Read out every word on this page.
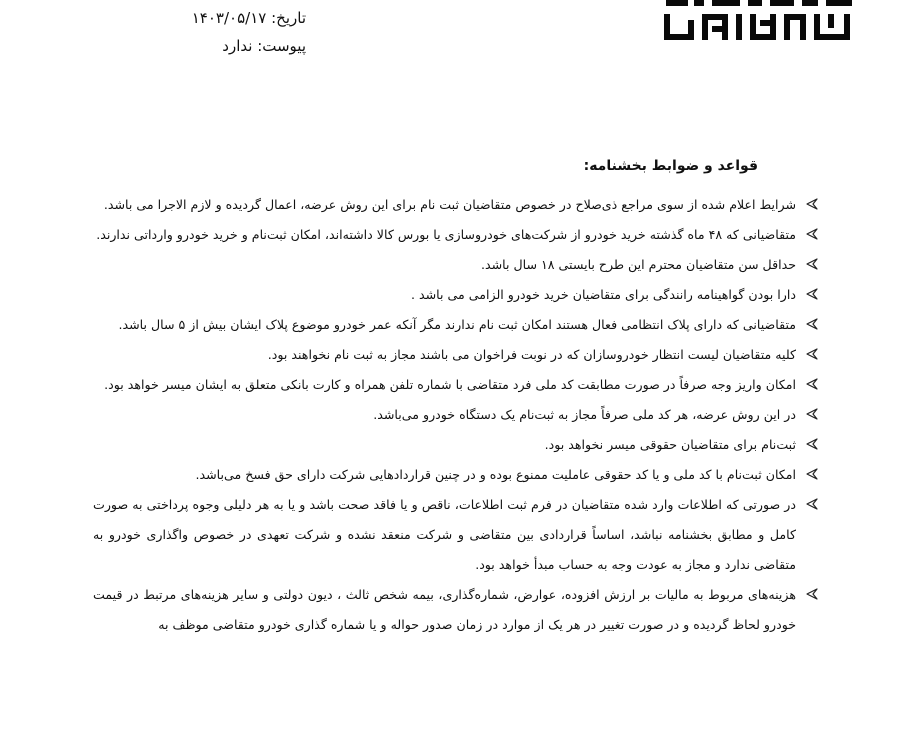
تاریخ: ۱۴۰۳/۰۵/۱۷
پیوست: ندارد
قواعد و ضوابط بخشنامه:
شرایط اعلام شده از سوی مراجع ذی‌صلاح در خصوص متقاضیان ثبت نام برای این روش عرضه، اعمال گردیده و لازم الاجرا می باشد.
متقاضیانی که ۴۸ ماه گذشته خرید خودرو از شرکت‌های خودروسازی یا بورس کالا داشته‌اند، امکان ثبت‌نام و خرید خودرو وارداتی ندارند.
حداقل سن متقاضیان محترم این طرح بایستی ۱۸ سال باشد.
دارا بودن گواهینامه رانندگی برای متقاضیان خرید خودرو الزامی می باشد .
متقاضیانی که دارای پلاک انتظامی فعال هستند امکان ثبت نام ندارند مگر آنکه عمر خودرو موضوع پلاک ایشان بیش از ۵ سال باشد.
کلیه متقاضیان لیست انتظار خودروسازان که در نوبت فراخوان می باشند مجاز به ثبت نام نخواهند بود.
امکان واریز وجه صرفاً در صورت مطابقت کد ملی فرد متقاضی با شماره تلفن همراه و کارت بانکی متعلق به ایشان میسر خواهد بود.
در این روش عرضه، هر کد ملی صرفاً مجاز به ثبت‌نام یک دستگاه خودرو می‌باشد.
ثبت‌نام برای متقاضیان حقوقی میسر نخواهد بود.
امکان ثبت‌نام با کد ملی و یا کد حقوقی عاملیت ممنوع بوده و در چنین قراردادهایی شرکت دارای حق فسخ می‌باشد.
در صورتی که اطلاعات وارد شده متقاضیان در فرم ثبت اطلاعات، ناقص و یا فاقد صحت باشد و یا به هر دلیلی وجوه پرداختی به صورت کامل و مطابق بخشنامه نباشد، اساساً قراردادی بین متقاضی و شرکت منعقد نشده و شرکت تعهدی در خصوص واگذاری خودرو به متقاضی ندارد و مجاز به عودت وجه به حساب مبدأ خواهد بود.
هزینه‌های مربوط به مالیات بر ارزش افزوده، عوارض، شماره‌گذاری، بیمه شخص ثالث ، دیون دولتی و سایر هزینه‌های مرتبط در قیمت خودرو لحاظ گردیده و در صورت تغییر در هر یک از موارد در زمان صدور حواله و یا شماره گذاری خودرو متقاضی موظف به
